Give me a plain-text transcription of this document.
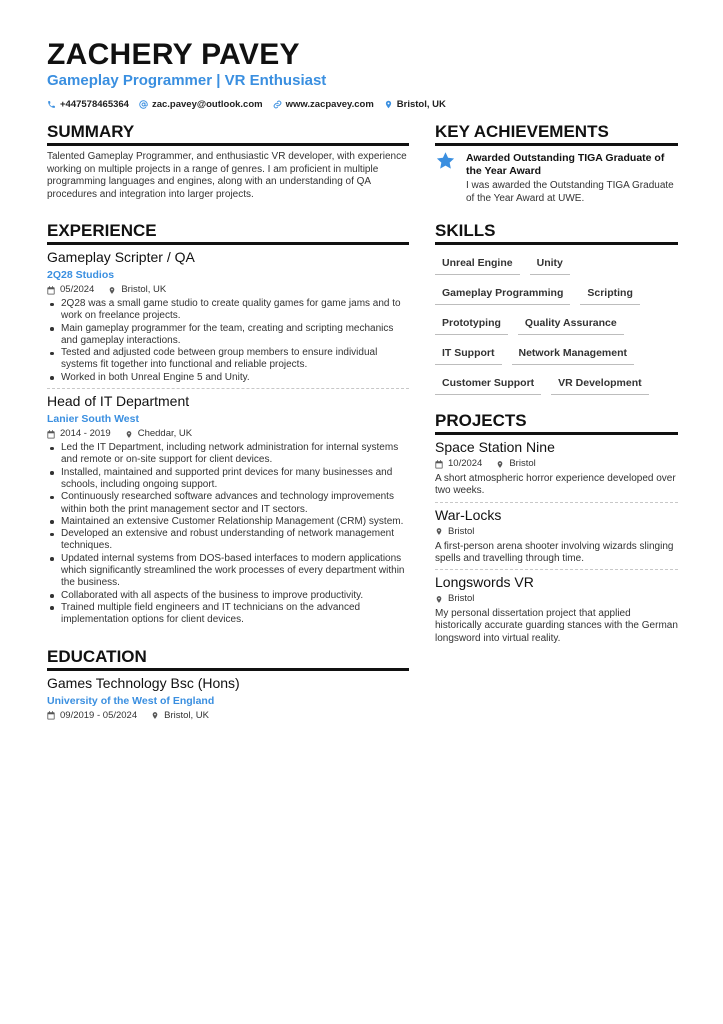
ZACHERY PAVEY
Gameplay Programmer | VR Enthusiast
+447578465364 zac.pavey@outlook.com www.zacpavey.com Bristol, UK
SUMMARY
Talented Gameplay Programmer, and enthusiastic VR developer, with experience working on multiple projects in a range of genres. I am proficient in multiple programming languages and engines, along with an understanding of QA procedures and integration into larger projects.
EXPERIENCE
Gameplay Scripter / QA
2Q28 Studios
05/2024	Bristol, UK
2Q28 was a small game studio to create quality games for game jams and to work on freelance projects.
Main gameplay programmer for the team, creating and scripting mechanics and gameplay interactions.
Tested and adjusted code between group members to ensure individual systems fit together into functional and reliable projects.
Worked in both Unreal Engine 5 and Unity.
Head of IT Department
Lanier South West
2014 - 2019	Cheddar, UK
Led the IT Department, including network administration for internal systems and remote or on-site support for client devices.
Installed, maintained and supported print devices for many businesses and schools, including ongoing support.
Continuously researched software advances and technology improvements within both the print management sector and IT sectors.
Maintained an extensive Customer Relationship Management (CRM) system.
Developed an extensive and robust understanding of network management techniques.
Updated internal systems from DOS-based interfaces to modern applications which significantly streamlined the work processes of every department within the business.
Collaborated with all aspects of the business to improve productivity.
Trained multiple field engineers and IT technicians on the advanced implementation options for client devices.
EDUCATION
Games Technology Bsc (Hons)
University of the West of England
09/2019 - 05/2024	Bristol, UK
KEY ACHIEVEMENTS
Awarded Outstanding TIGA Graduate of the Year Award
I was awarded the Outstanding TIGA Graduate of the Year Award at UWE.
SKILLS
Unreal Engine	Unity
Gameplay Programming	Scripting
Prototyping	Quality Assurance
IT Support	Network Management
Customer Support	VR Development
PROJECTS
Space Station Nine
10/2024	Bristol
A short atmospheric horror experience developed over two weeks.
War-Locks
Bristol
A first-person arena shooter involving wizards slinging spells and travelling through time.
Longswords VR
Bristol
My personal dissertation project that applied historically accurate guarding stances with the German longsword into virtual reality.
